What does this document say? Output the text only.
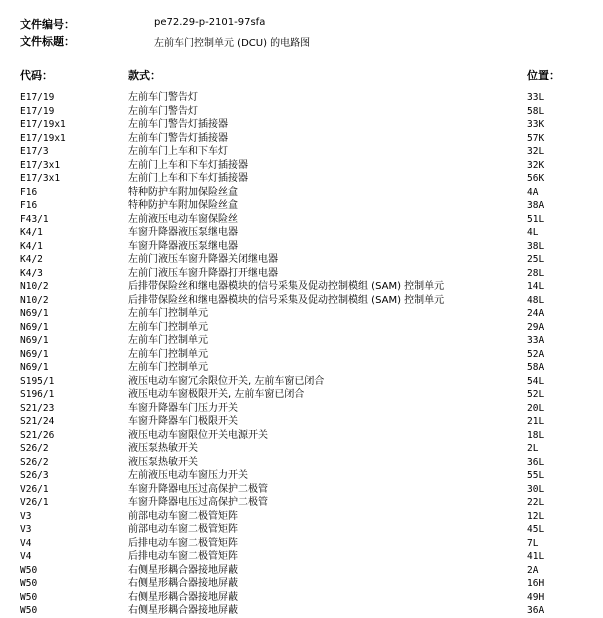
文件编号：	pe72.29-p-2101-97sfa
文件标题：	左前车门控制单元 (DCU) 的电路图
代码：	款式：	位置：
E17/19	左前车门警告灯	33L
E17/19	左前车门警告灯	58L
E17/19x1	左前车门警告灯插接器	33K
E17/19x1	左前车门警告灯插接器	57K
E17/3	左前车门上车和下车灯	32L
E17/3x1	左前门上车和下车灯插接器	32K
E17/3x1	左前门上车和下车灯插接器	56K
F16	特种防护车附加保险丝盒	4A
F16	特种防护车附加保险丝盒	38A
F43/1	左前液压电动车窗保险丝	51L
K4/1	车窗升降器液压泵继电器	4L
K4/1	车窗升降器液压泵继电器	38L
K4/2	左前门液压车窗升降器关闭继电器	25L
K4/3	左前门液压车窗升降器打开继电器	28L
N10/2	后排带保险丝和继电器模块的信号采集及促动控制模组 (SAM) 控制单元	14L
N10/2	后排带保险丝和继电器模块的信号采集及促动控制模组 (SAM) 控制单元	48L
N69/1	左前车门控制单元	24A
N69/1	左前车门控制单元	29A
N69/1	左前车门控制单元	33A
N69/1	左前车门控制单元	52A
N69/1	左前车门控制单元	58A
S195/1	液压电动车窗冗余限位开关, 左前车窗已闭合	54L
S196/1	液压电动车窗极限开关, 左前车窗已闭合	52L
S21/23	车窗升降器车门压力开关	20L
S21/24	车窗升降器车门极限开关	21L
S21/26	液压电动车窗限位开关电源开关	18L
S26/2	液压泵热敏开关	2L
S26/2	液压泵热敏开关	36L
S26/3	左前液压电动车窗压力开关	55L
V26/1	车窗升降器电压过高保护二极管	30L
V26/1	车窗升降器电压过高保护二极管	22L
V3	前部电动车窗二极管矩阵	12L
V3	前部电动车窗二极管矩阵	45L
V4	后排电动车窗二极管矩阵	7L
V4	后排电动车窗二极管矩阵	41L
W50	右侧星形耦合器接地屏蔽	2A
W50	右侧星形耦合器接地屏蔽	16H
W50	右侧星形耦合器接地屏蔽	49H
W50	右侧星形耦合器接地屏蔽	36A
